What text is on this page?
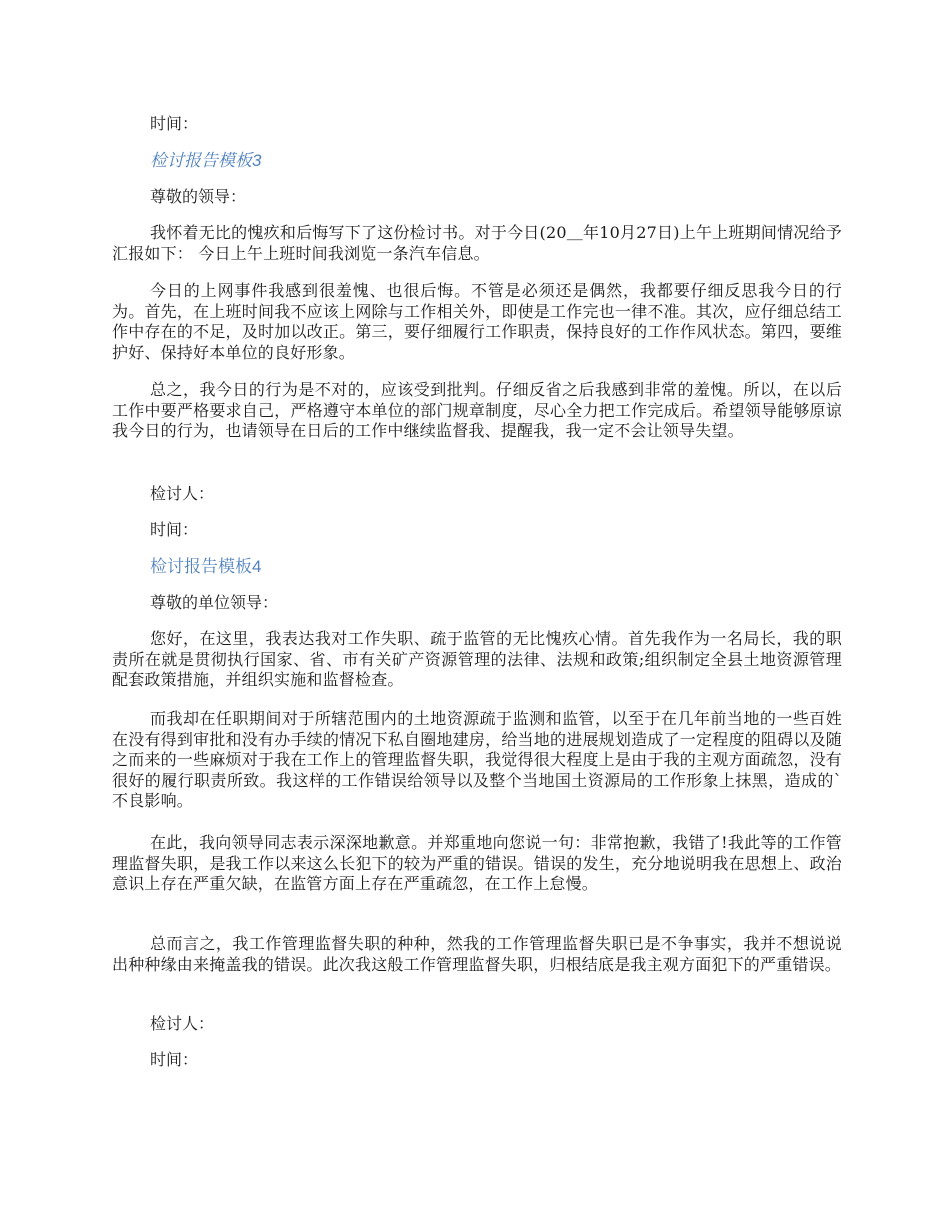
时间：
检讨报告模板3
尊敬的领导：
我怀着无比的愧疚和后悔写下了这份检讨书。对于今日(20＿年10月27日)上午上班期间情况给予汇报如下： 今日上午上班时间我浏览一条汽车信息。
今日的上网事件我感到很羞愧、也很后悔。不管是必须还是偶然，我都要仔细反思我今日的行为。首先，在上班时间我不应该上网除与工作相关外，即使是工作完也一律不准。其次，应仔细总结工作中存在的不足，及时加以改正。第三，要仔细履行工作职责，保持良好的工作作风状态。第四，要维护好、保持好本单位的良好形象。
总之，我今日的行为是不对的，应该受到批判。仔细反省之后我感到非常的羞愧。所以，在以后工作中要严格要求自己，严格遵守本单位的部门规章制度，尽心全力把工作完成后。希望领导能够原谅我今日的行为，也请领导在日后的工作中继续监督我、提醒我，我一定不会让领导失望。
检讨人：
时间：
检讨报告模板4
尊敬的单位领导：
您好，在这里，我表达我对工作失职、疏于监管的无比愧疚心情。首先我作为一名局长，我的职责所在就是贯彻执行国家、省、市有关矿产资源管理的法律、法规和政策;组织制定全县土地资源管理配套政策措施，并组织实施和监督检查。
而我却在任职期间对于所辖范围内的土地资源疏于监测和监管，以至于在几年前当地的一些百姓在没有得到审批和没有办手续的情况下私自圈地建房，给当地的进展规划造成了一定程度的阻碍以及随之而来的一些麻烦对于我在工作上的管理监督失职，我觉得很大程度上是由于我的主观方面疏忽，没有很好的履行职责所致。我这样的工作错误给领导以及整个当地国土资源局的工作形象上抹黑，造成的`不良影响。
在此，我向领导同志表示深深地歉意。并郑重地向您说一句：非常抱歉，我错了!我此等的工作管理监督失职，是我工作以来这么长犯下的较为严重的错误。错误的发生，充分地说明我在思想上、政治意识上存在严重欠缺，在监管方面上存在严重疏忽，在工作上怠慢。
总而言之，我工作管理监督失职的种种，然我的工作管理监督失职已是不争事实，我并不想说说出种种缘由来掩盖我的错误。此次我这般工作管理监督失职，归根结底是我主观方面犯下的严重错误。
检讨人：
时间：
